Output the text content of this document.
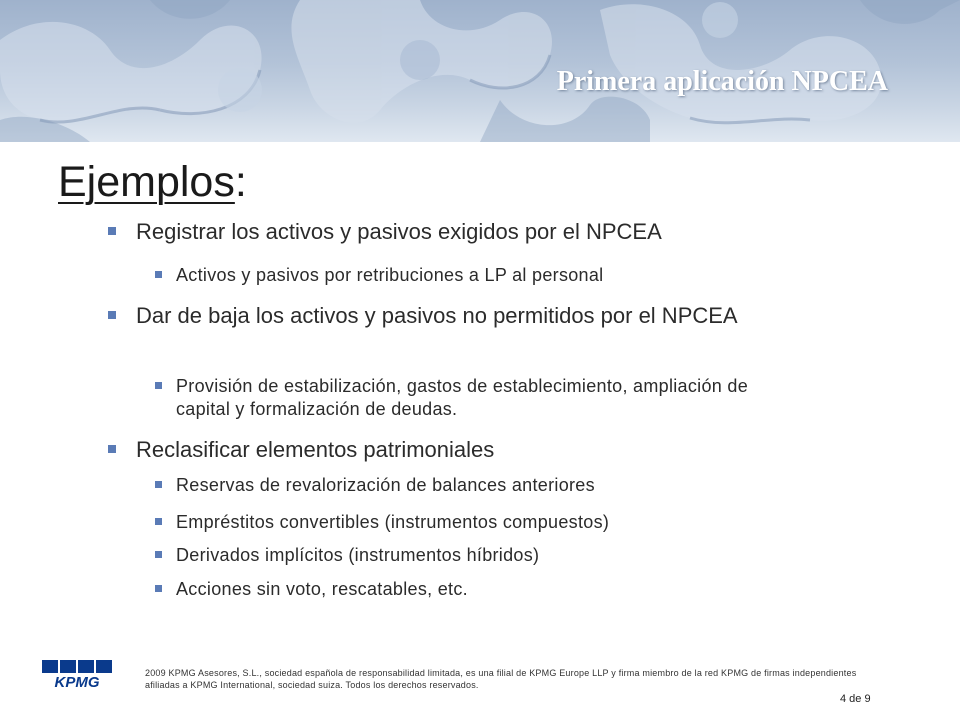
Primera aplicación NPCEA
Ejemplos:
Registrar los activos y pasivos exigidos por el NPCEA
Activos y pasivos por retribuciones a LP al personal
Dar de baja los activos y pasivos no permitidos por el NPCEA
Provisión de estabilización, gastos de establecimiento, ampliación de capital y formalización de deudas.
Reclasificar elementos patrimoniales
Reservas de revalorización de balances anteriores
Empréstitos convertibles (instrumentos compuestos)
Derivados implícitos (instrumentos híbridos)
Acciones sin voto, rescatables, etc.
KPMG
2009 KPMG Asesores, S.L., sociedad española de responsabilidad limitada, es una filial de KPMG Europe LLP y firma miembro de la red KPMG de firmas independientes afiliadas a KPMG International, sociedad suiza. Todos los derechos reservados.
4 de 9
